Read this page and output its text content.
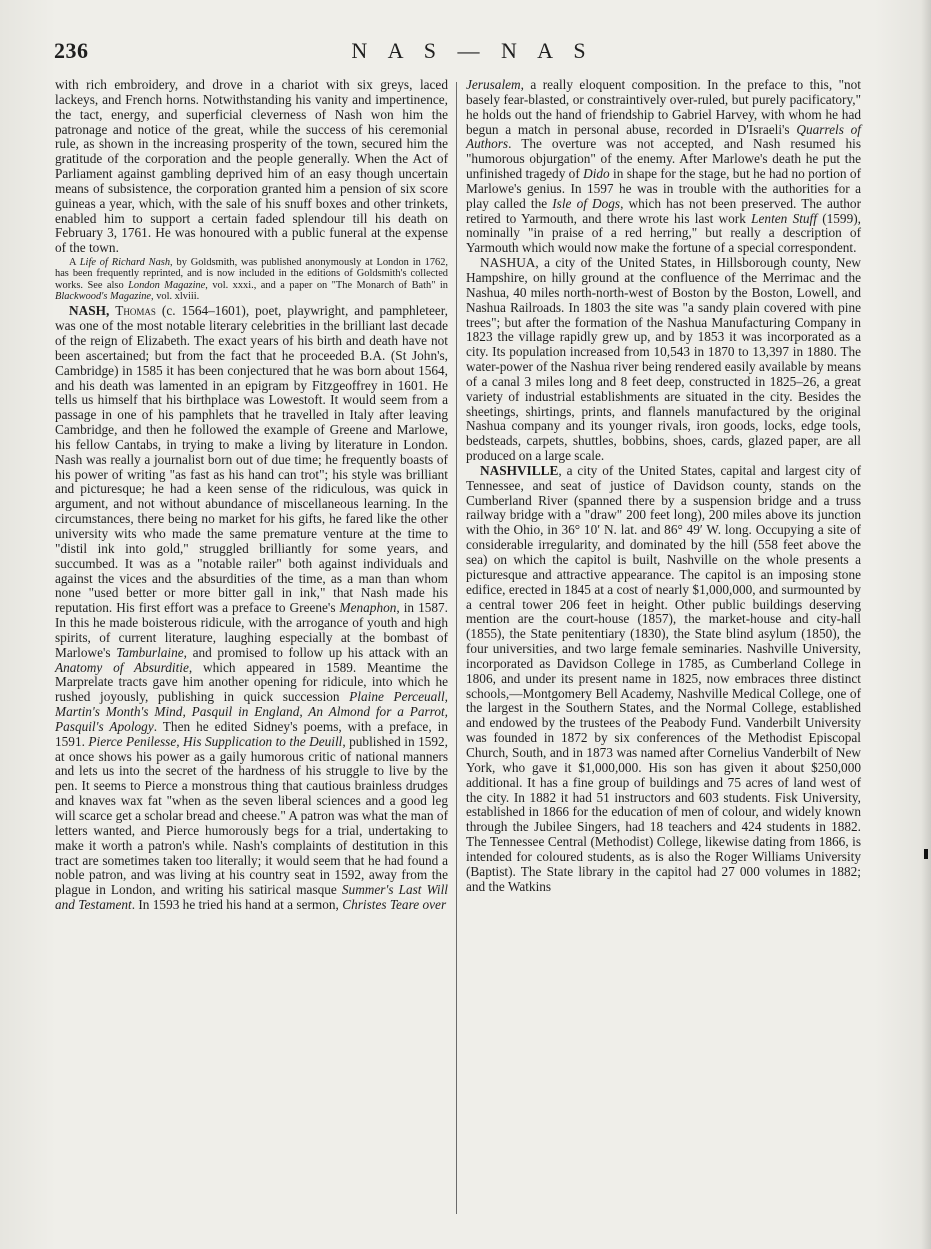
236	N A S — N A S

with rich embroidery, and drove in a chariot with six greys, laced lackeys, and French horns. Notwithstanding his vanity and impertinence, the tact, energy, and superficial cleverness of Nash won him the patronage and notice of the great, while the success of his ceremonial rule, as shown in the increasing prosperity of the town, secured him the gratitude of the corporation and the people generally. When the Act of Parliament against gambling deprived him of an easy though uncertain means of subsistence, the corporation granted him a pension of six score guineas a year, which, with the sale of his snuff boxes and other trinkets, enabled him to support a certain faded splendour till his death on February 3, 1761. He was honoured with a public funeral at the expense of the town.

A Life of Richard Nash, by Goldsmith, was published anonymously at London in 1762, has been frequently reprinted, and is now included in the editions of Goldsmith's collected works. See also London Magazine, vol. xxxi., and a paper on "The Monarch of Bath" in Blackwood's Magazine, vol. xlviii.

NASH, Thomas (c. 1564–1601), poet, playwright, and pamphleteer, was one of the most notable literary celebrities in the brilliant last decade of the reign of Elizabeth. The exact years of his birth and death have not been ascertained; but from the fact that he proceeded B.A. (St John's, Cambridge) in 1585 it has been conjectured that he was born about 1564, and his death was lamented in an epigram by Fitzgeoffrey in 1601. He tells us himself that his birthplace was Lowestoft. It would seem from a passage in one of his pamphlets that he travelled in Italy after leaving Cambridge, and then he followed the example of Greene and Marlowe, his fellow Cantabs, in trying to make a living by literature in London. Nash was really a journalist born out of due time; he frequently boasts of his power of writing "as fast as his hand can trot"; his style was brilliant and picturesque; he had a keen sense of the ridiculous, was quick in argument, and not without abundance of miscellaneous learning. In the circumstances, there being no market for his gifts, he fared like the other university wits who made the same premature venture at the time to "distil ink into gold," struggled brilliantly for some years, and succumbed. It was as a "notable railer" both against individuals and against the vices and the absurdities of the time, as a man than whom none "used better or more bitter gall in ink," that Nash made his reputation. His first effort was a preface to Greene's Menaphon, in 1587. In this he made boisterous ridicule, with the arrogance of youth and high spirits, of current literature, laughing especially at the bombast of Marlowe's Tamburlaine, and promised to follow up his attack with an Anatomy of Absurditie, which appeared in 1589. Meantime the Marprelate tracts gave him another opening for ridicule, into which he rushed joyously, publishing in quick succession Plaine Perceuall, Martin's Month's Mind, Pasquil in England, An Almond for a Parrot, Pasquil's Apology. Then he edited Sidney's poems, with a preface, in 1591. Pierce Penilesse, His Supplication to the Deuill, published in 1592, at once shows his power as a gaily humorous critic of national manners and lets us into the secret of the hardness of his struggle to live by the pen. It seems to Pierce a monstrous thing that cautious brainless drudges and knaves wax fat "when as the seven liberal sciences and a good leg will scarce get a scholar bread and cheese." A patron was what the man of letters wanted, and Pierce humorously begs for a trial, undertaking to make it worth a patron's while. Nash's complaints of destitution in this tract are sometimes taken too literally; it would seem that he had found a noble patron, and was living at his country seat in 1592, away from the plague in London, and writing his satirical masque Summer's Last Will and Testament. In 1593 he tried his hand at a sermon, Christes Teare over

Jerusalem, a really eloquent composition. In the preface to this, "not basely fear-blasted, or constraintively over-ruled, but purely pacificatory," he holds out the hand of friendship to Gabriel Harvey, with whom he had begun a match in personal abuse, recorded in D'Israeli's Quarrels of Authors. The overture was not accepted, and Nash resumed his "humorous objurgation" of the enemy. After Marlowe's death he put the unfinished tragedy of Dido in shape for the stage, but he had no portion of Marlowe's genius. In 1597 he was in trouble with the authorities for a play called the Isle of Dogs, which has not been preserved. The author retired to Yarmouth, and there wrote his last work Lenten Stuff (1599), nominally "in praise of a red herring," but really a description of Yarmouth which would now make the fortune of a special correspondent.

NASHUA, a city of the United States, in Hillsborough county, New Hampshire, on hilly ground at the confluence of the Merrimac and the Nashua, 40 miles north-north-west of Boston by the Boston, Lowell, and Nashua Railroads. In 1803 the site was "a sandy plain covered with pine trees"; but after the formation of the Nashua Manufacturing Company in 1823 the village rapidly grew up, and by 1853 it was incorporated as a city. Its population increased from 10,543 in 1870 to 13,397 in 1880. The water-power of the Nashua river being rendered easily available by means of a canal 3 miles long and 8 feet deep, constructed in 1825–26, a great variety of industrial establishments are situated in the city. Besides the sheetings, shirtings, prints, and flannels manufactured by the original Nashua company and its younger rivals, iron goods, locks, edge tools, bedsteads, carpets, shuttles, bobbins, shoes, cards, glazed paper, are all produced on a large scale.

NASHVILLE, a city of the United States, capital and largest city of Tennessee, and seat of justice of Davidson county, stands on the Cumberland River (spanned there by a suspension bridge and a truss railway bridge with a "draw" 200 feet long), 200 miles above its junction with the Ohio, in 36° 10′ N. lat. and 86° 49′ W. long. Occupying a site of considerable irregularity, and dominated by the hill (558 feet above the sea) on which the capitol is built, Nashville on the whole presents a picturesque and attractive appearance. The capitol is an imposing stone edifice, erected in 1845 at a cost of nearly $1,000,000, and surmounted by a central tower 206 feet in height. Other public buildings deserving mention are the court-house (1857), the market-house and city-hall (1855), the State penitentiary (1830), the State blind asylum (1850), the four universities, and two large female seminaries. Nashville University, incorporated as Davidson College in 1785, as Cumberland College in 1806, and under its present name in 1825, now embraces three distinct schools,—Montgomery Bell Academy, Nashville Medical College, one of the largest in the Southern States, and the Normal College, established and endowed by the trustees of the Peabody Fund. Vanderbilt University was founded in 1872 by six conferences of the Methodist Episcopal Church, South, and in 1873 was named after Cornelius Vanderbilt of New York, who gave it $1,000,000. His son has given it about $250,000 additional. It has a fine group of buildings and 75 acres of land west of the city. In 1882 it had 51 instructors and 603 students. Fisk University, established in 1866 for the education of men of colour, and widely known through the Jubilee Singers, had 18 teachers and 424 students in 1882. The Tennessee Central (Methodist) College, likewise dating from 1866, is intended for coloured students, as is also the Roger Williams University (Baptist). The State library in the capitol had 27 000 volumes in 1882; and the Watkins
